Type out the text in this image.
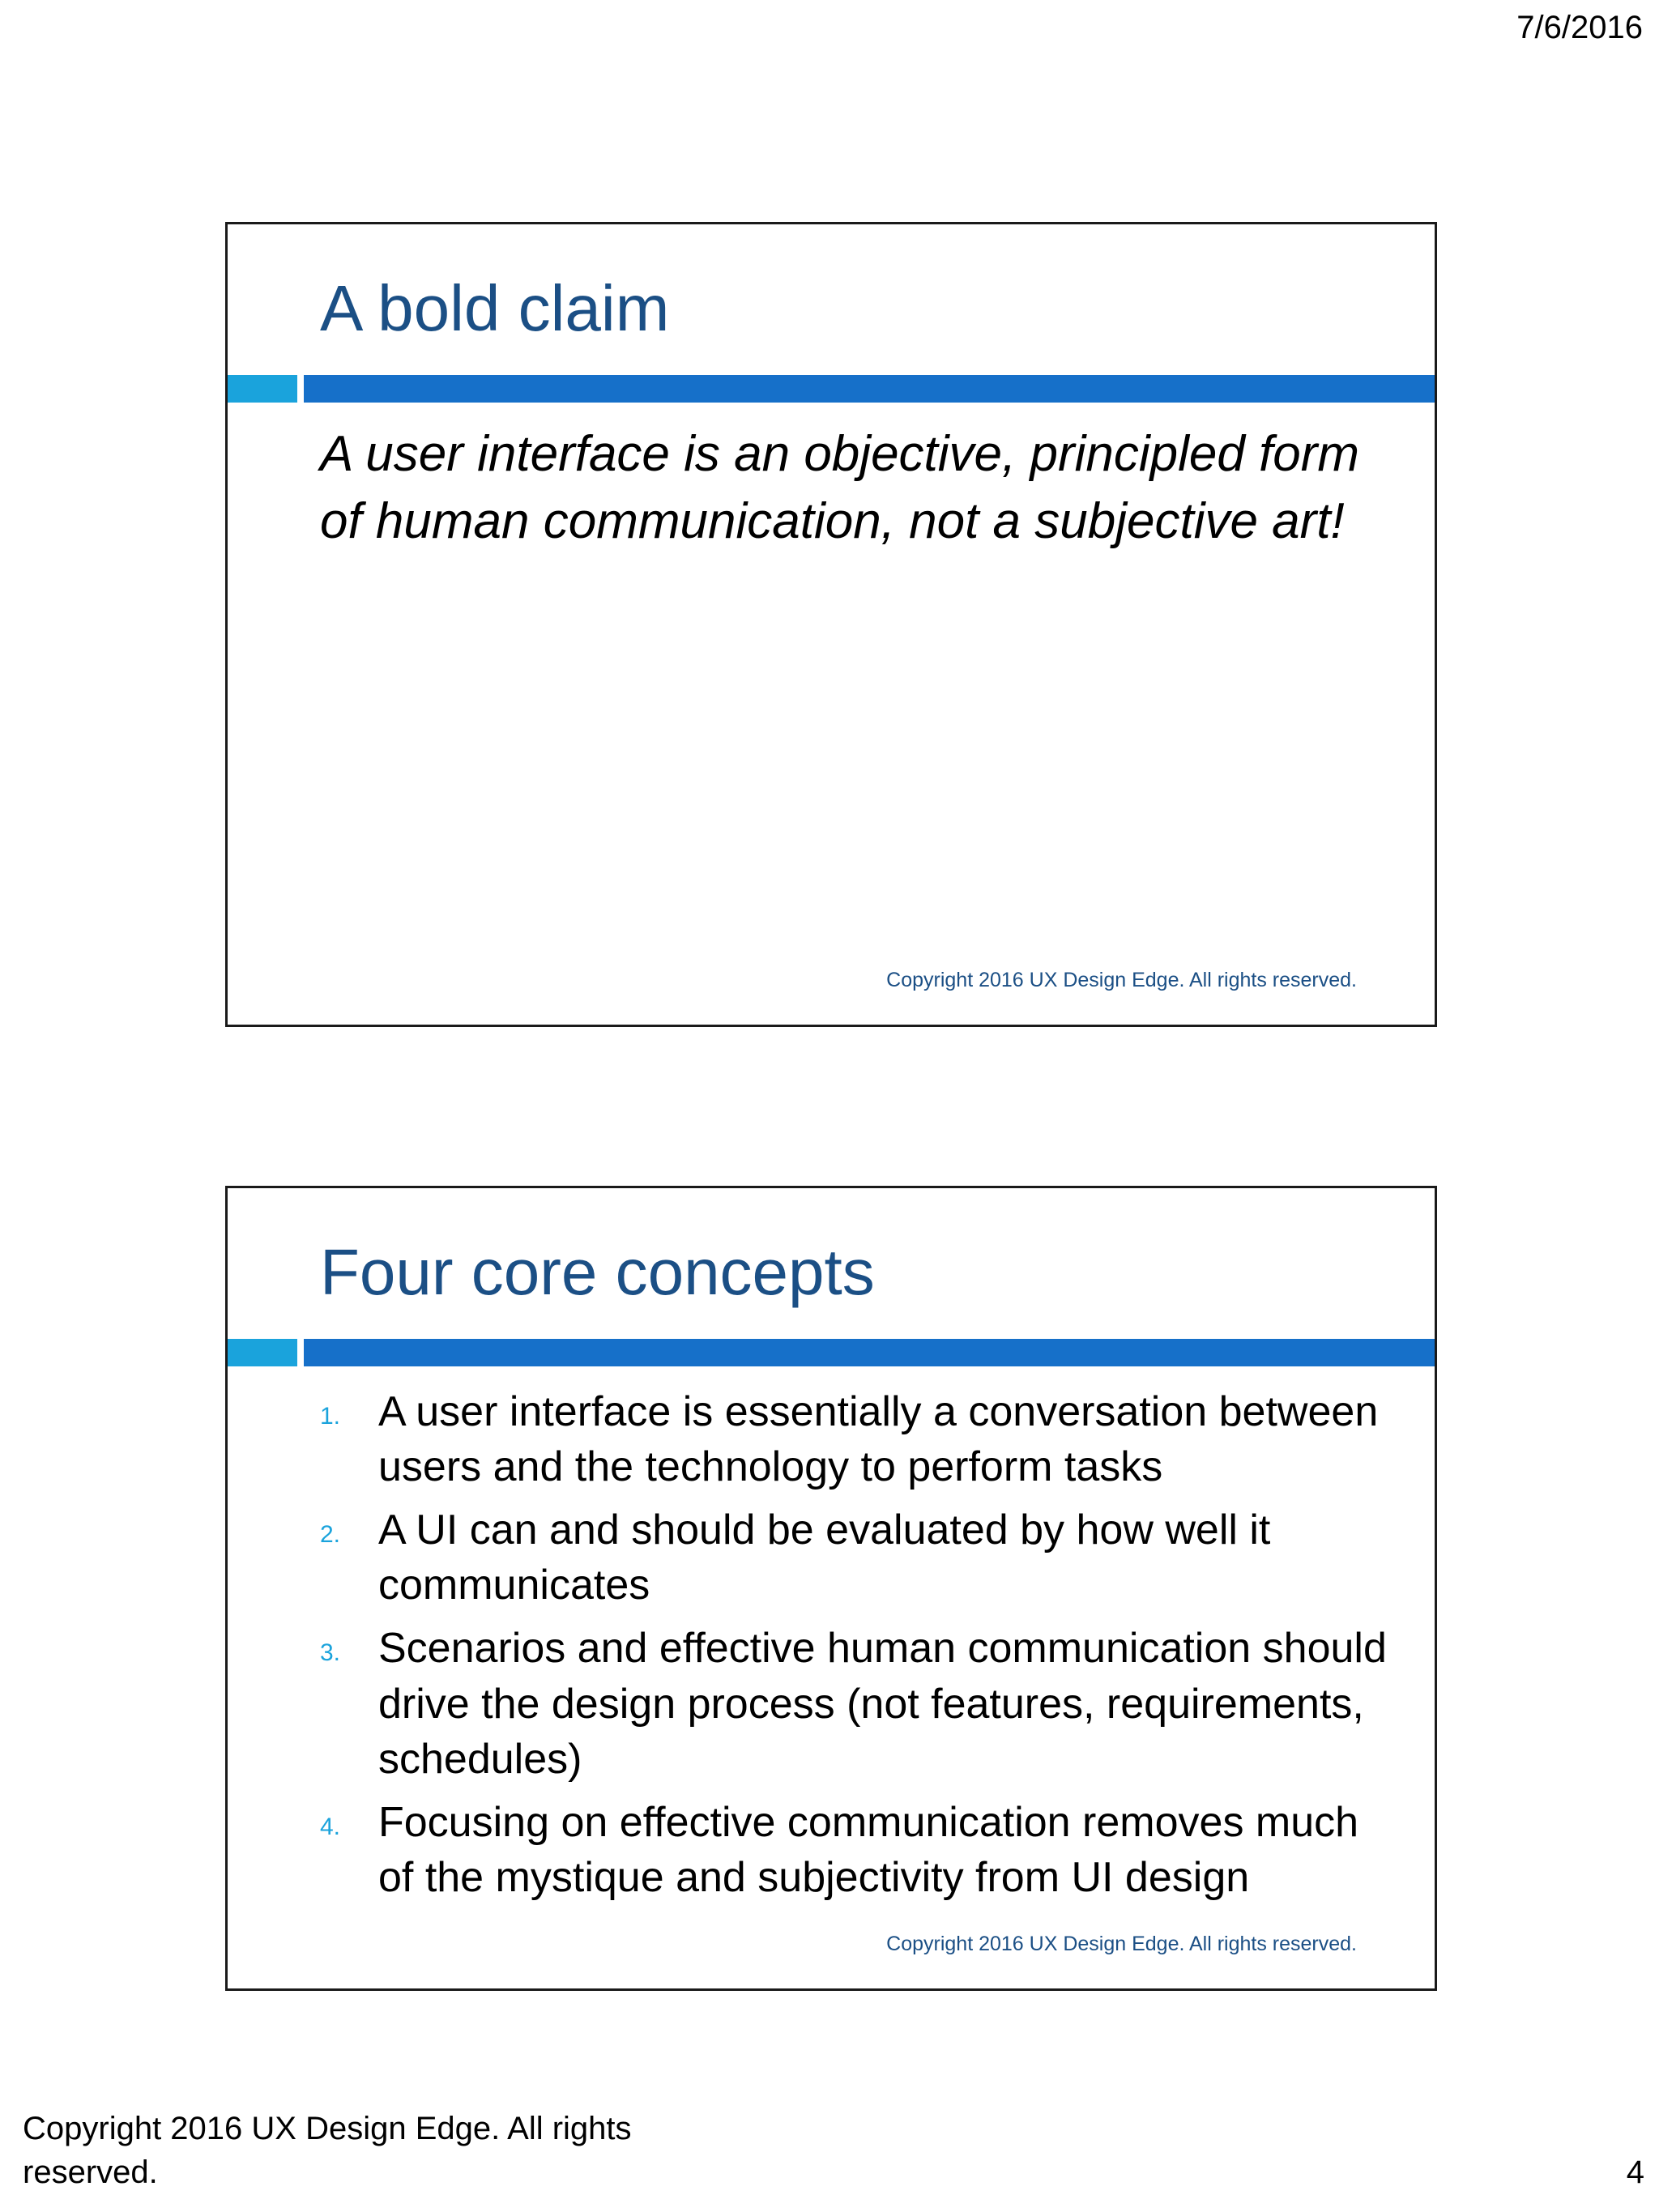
7/6/2016
A bold claim

A user interface is an objective, principled form of human communication, not a subjective art!

Copyright 2016 UX Design Edge. All rights reserved.
Four core concepts
1. A user interface is essentially a conversation between users and the technology to perform tasks
2. A UI can and should be evaluated by how well it communicates
3. Scenarios and effective human communication should drive the design process (not features, requirements, schedules)
4. Focusing on effective communication removes much of the mystique and subjectivity from UI design
Copyright 2016 UX Design Edge. All rights reserved.
Copyright 2016 UX Design Edge. All rights reserved.	4
